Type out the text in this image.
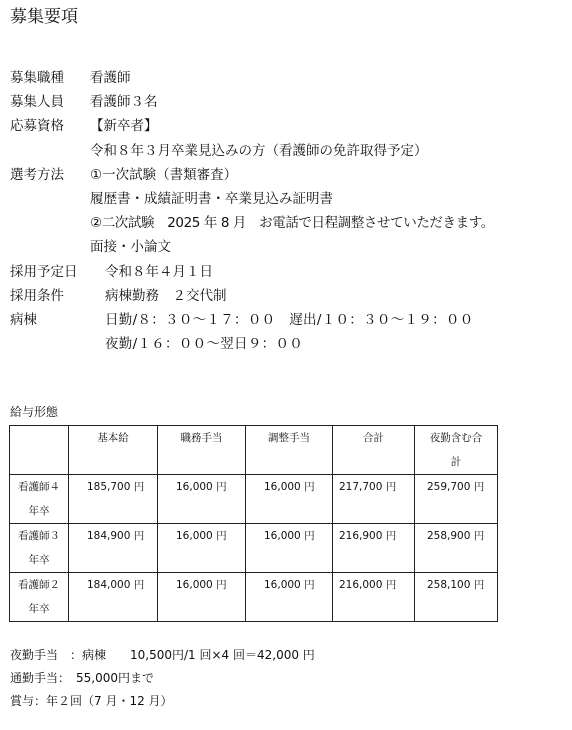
募集要項
募集職種	看護師
募集人員	看護師３名
応募資格	【新卒者】
令和８年３月卒業見込みの方（看護師の免許取得予定）
選考方法	①一次試験（書類審査）
履歴書・成績証明書・卒業見込み証明書
②二次試験　2025 年 8 月　お電話で日程調整させていただきます。
面接・小論文
採用予定日	令和８年４月１日
採用条件	病棟勤務　２交代制
病棟	日勤/８：３０～１７：００　遅出/１０：３０～１９：００
夜勤/１６：００～翌日９：００
給与形態
	基本給	職務手当	調整手当	合計	夜勤含む合計
看護師４年卒	185,700 円	16,000 円	16,000 円	217,700 円	259,700 円
看護師３年卒	184,900 円	16,000 円	16,000 円	216,900 円	258,900 円
看護師２年卒	184,000 円	16,000 円	16,000 円	216,000 円	258,100 円
夜勤手当　：病棟　　10,500円/1 回×4 回＝42,000 円
通勤手当：　55,000円まで
賞与：年２回（7 月・12 月）
